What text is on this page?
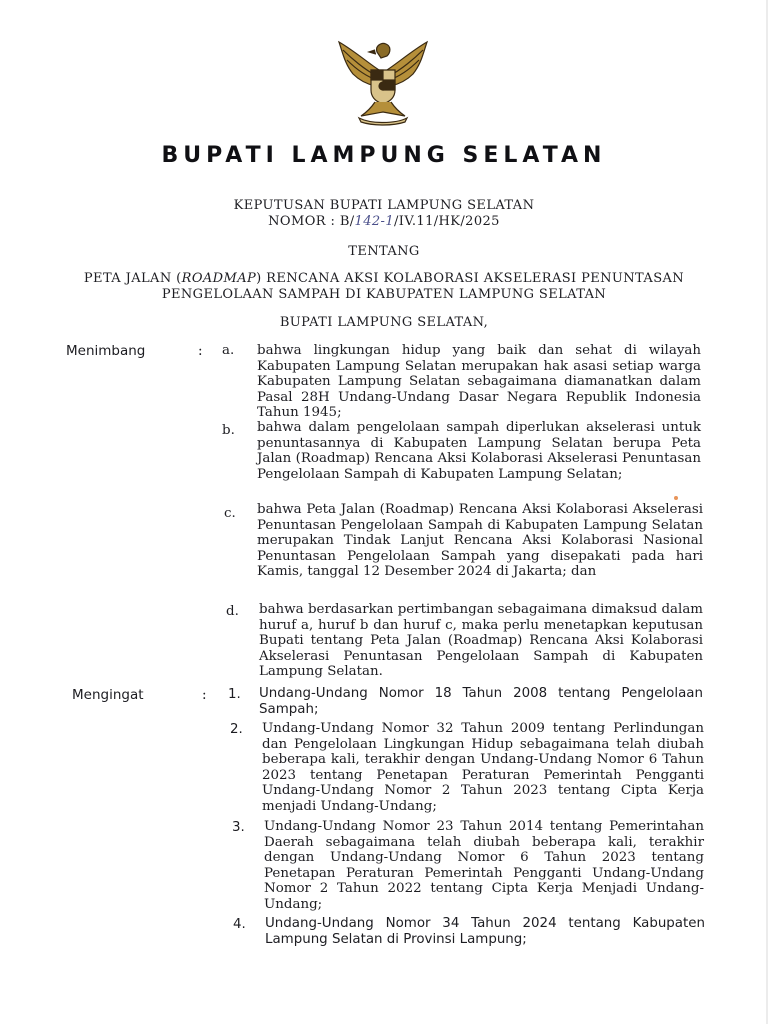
BUPATI LAMPUNG SELATAN
KEPUTUSAN BUPATI LAMPUNG SELATAN
NOMOR : B/142-1/IV.11/HK/2025
TENTANG
PETA JALAN (ROADMAP) RENCANA AKSI KOLABORASI AKSELERASI PENUNTASAN
PENGELOLAAN SAMPAH DI KABUPATEN LAMPUNG SELATAN
BUPATI LAMPUNG SELATAN,
Menimbang	: a. bahwa lingkungan hidup yang baik dan sehat di wilayah Kabupaten Lampung Selatan merupakan hak asasi setiap warga Kabupaten Lampung Selatan sebagaimana diamanatkan dalam Pasal 28H Undang-Undang Dasar Negara Republik Indonesia Tahun 1945;
b. bahwa dalam pengelolaan sampah diperlukan akselerasi untuk penuntasannya di Kabupaten Lampung Selatan berupa Peta Jalan (Roadmap) Rencana Aksi Kolaborasi Akselerasi Penuntasan Pengelolaan Sampah di Kabupaten Lampung Selatan;
c. bahwa Peta Jalan (Roadmap) Rencana Aksi Kolaborasi Akselerasi Penuntasan Pengelolaan Sampah di Kabupaten Lampung Selatan merupakan Tindak Lanjut Rencana Aksi Kolaborasi Nasional Penuntasan Pengelolaan Sampah yang disepakati pada hari Kamis, tanggal 12 Desember 2024 di Jakarta; dan
d. bahwa berdasarkan pertimbangan sebagaimana dimaksud dalam huruf a, huruf b dan huruf c, maka perlu menetapkan keputusan Bupati tentang Peta Jalan (Roadmap) Rencana Aksi Kolaborasi Akselerasi Penuntasan Pengelolaan Sampah di Kabupaten Lampung Selatan.
Mengingat	: 1. Undang-Undang Nomor 18 Tahun 2008 tentang Pengelolaan Sampah;
2. Undang-Undang Nomor 32 Tahun 2009 tentang Perlindungan dan Pengelolaan Lingkungan Hidup sebagaimana telah diubah beberapa kali, terakhir dengan Undang-Undang Nomor 6 Tahun 2023 tentang Penetapan Peraturan Pemerintah Pengganti Undang-Undang Nomor 2 Tahun 2023 tentang Cipta Kerja menjadi Undang-Undang;
3. Undang-Undang Nomor 23 Tahun 2014 tentang Pemerintahan Daerah sebagaimana telah diubah beberapa kali, terakhir dengan Undang-Undang Nomor 6 Tahun 2023 tentang Penetapan Peraturan Pemerintah Pengganti Undang-Undang Nomor 2 Tahun 2022 tentang Cipta Kerja Menjadi Undang-Undang;
4. Undang-Undang Nomor 34 Tahun 2024 tentang Kabupaten Lampung Selatan di Provinsi Lampung;
